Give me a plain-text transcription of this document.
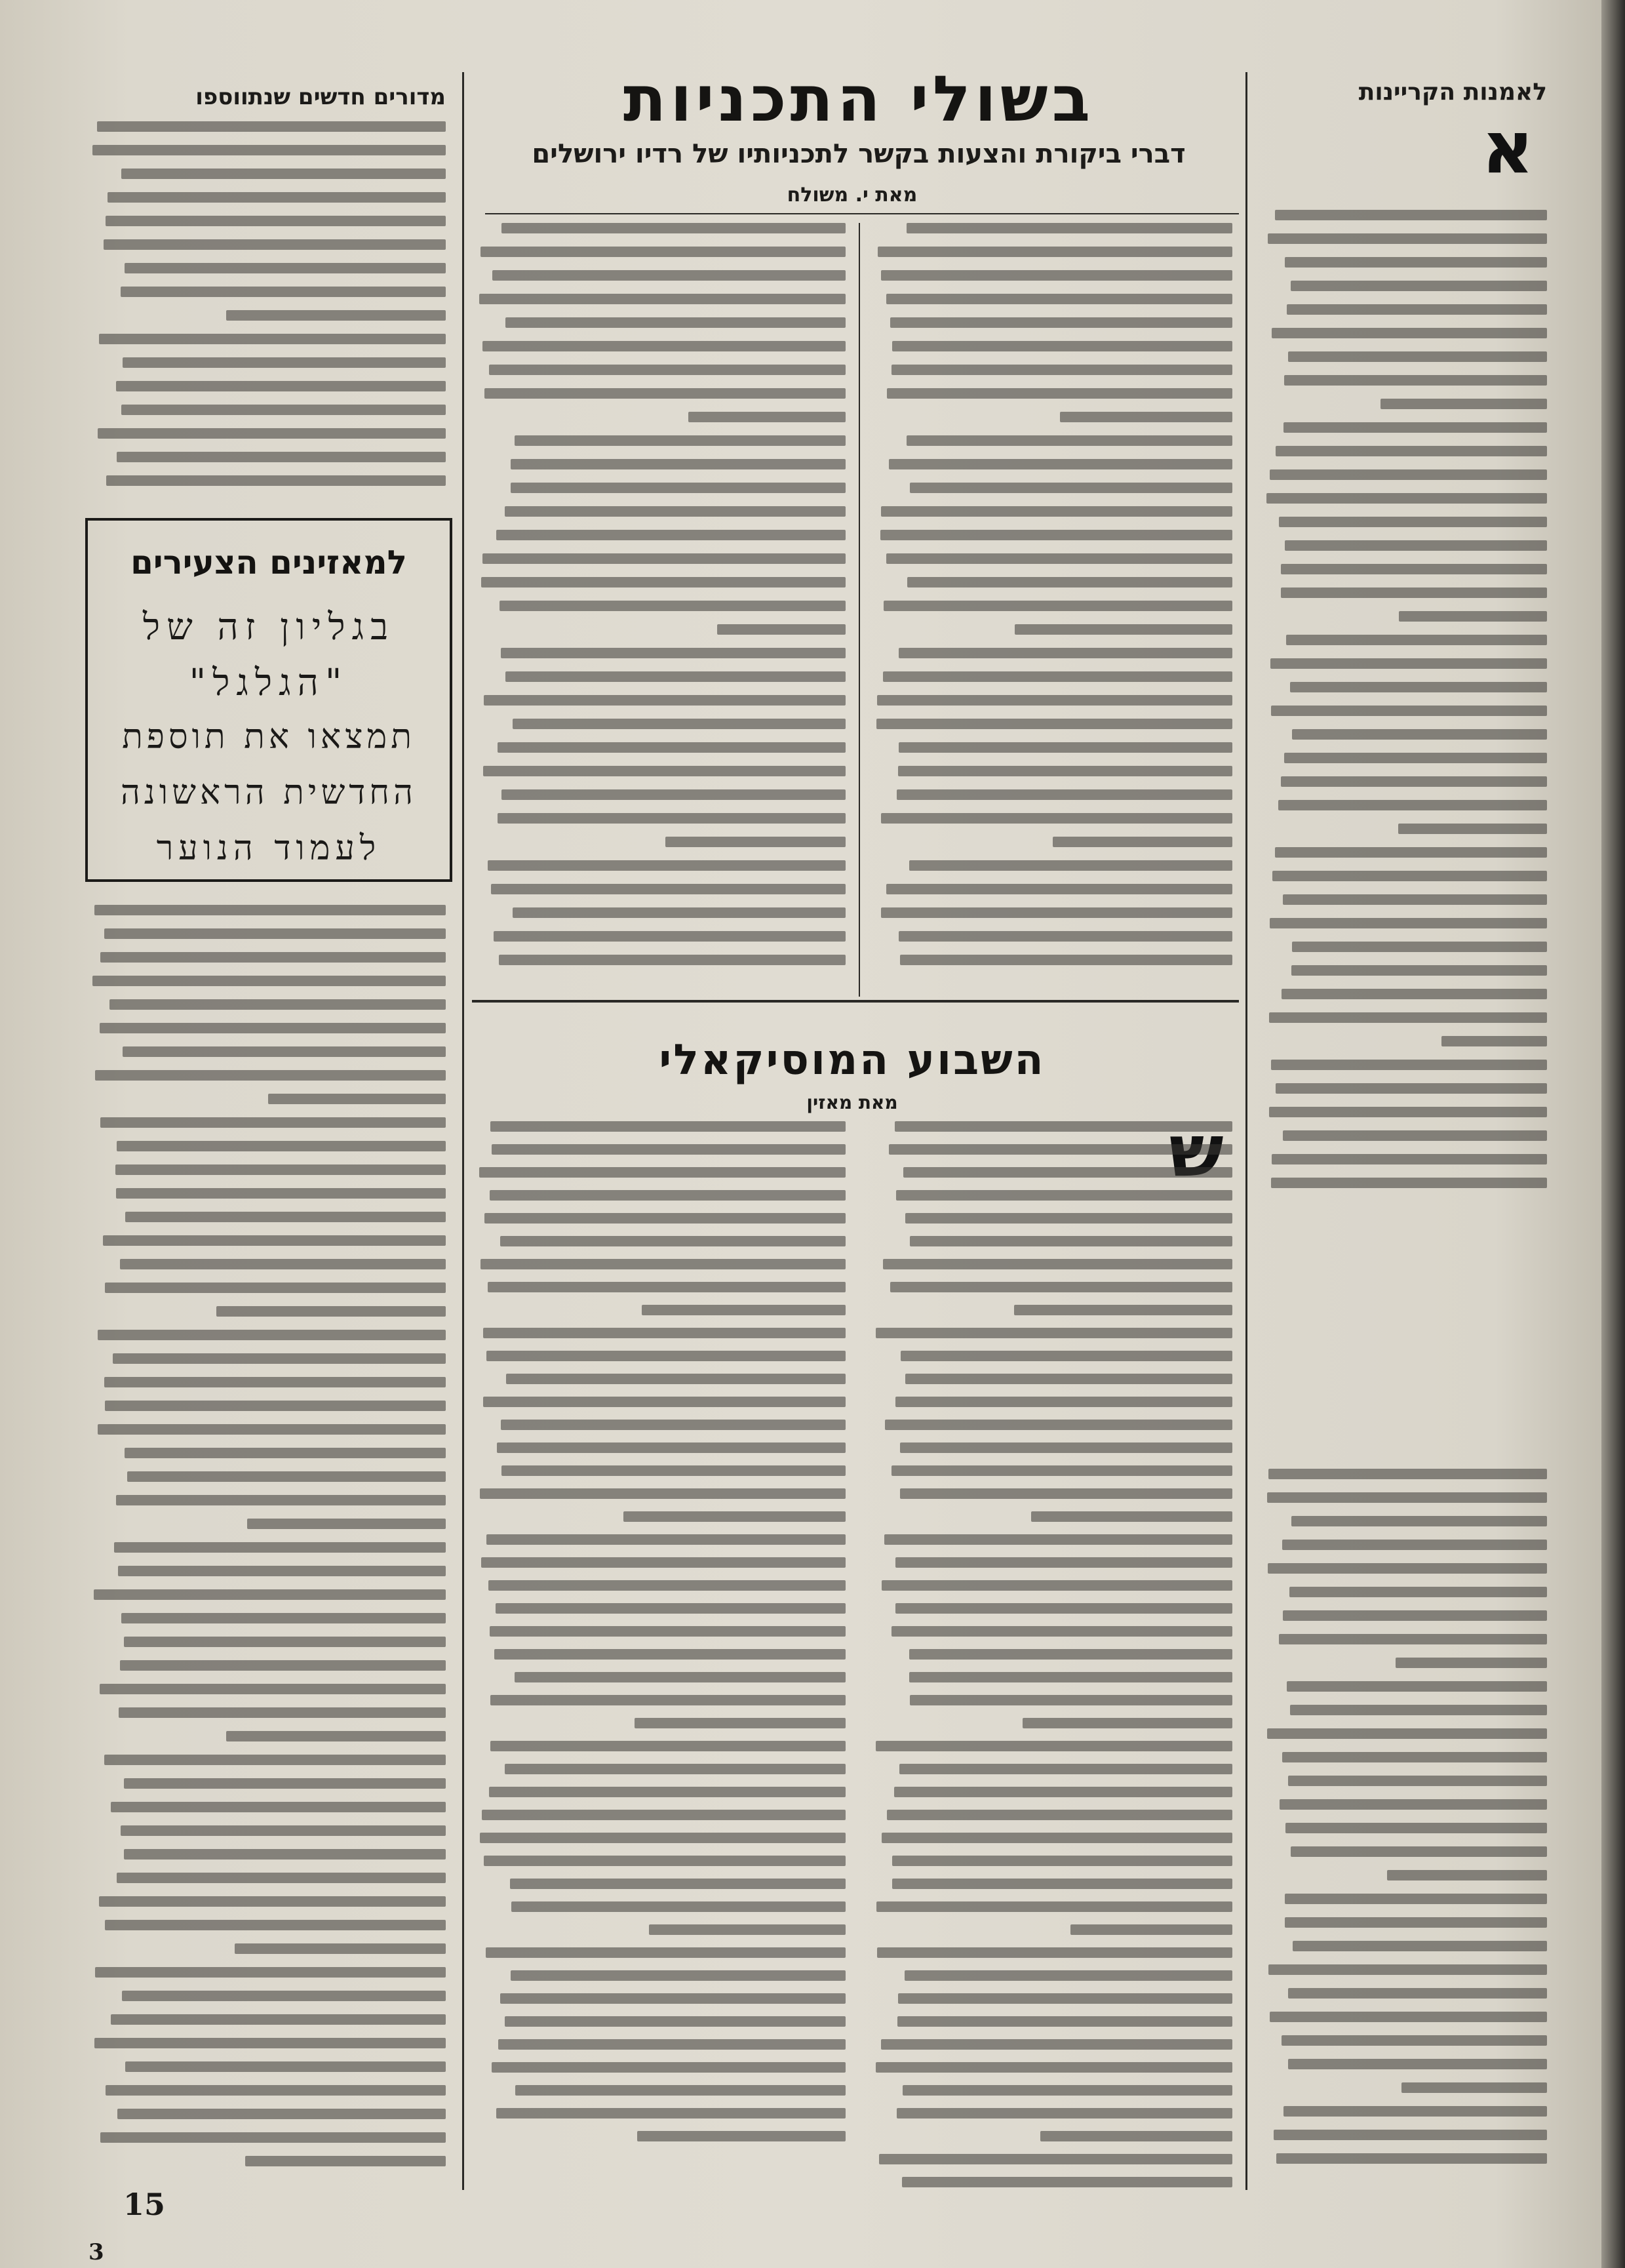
בשולי התכניות
דברי ביקורת והצעות בקשר לתכניותיו של רדיו ירושלים
מאת י. משולח
לאמנות הקריינות
א
השבוע המוסיקאלי
מאת מאזין
מדורים חדשים שנתווספו
למאזינים הצעירים
בגליון זה של
"הגלגל"
תמצאו את תוספת
החדשית הראשונה
לעמוד הנוער
15
3
